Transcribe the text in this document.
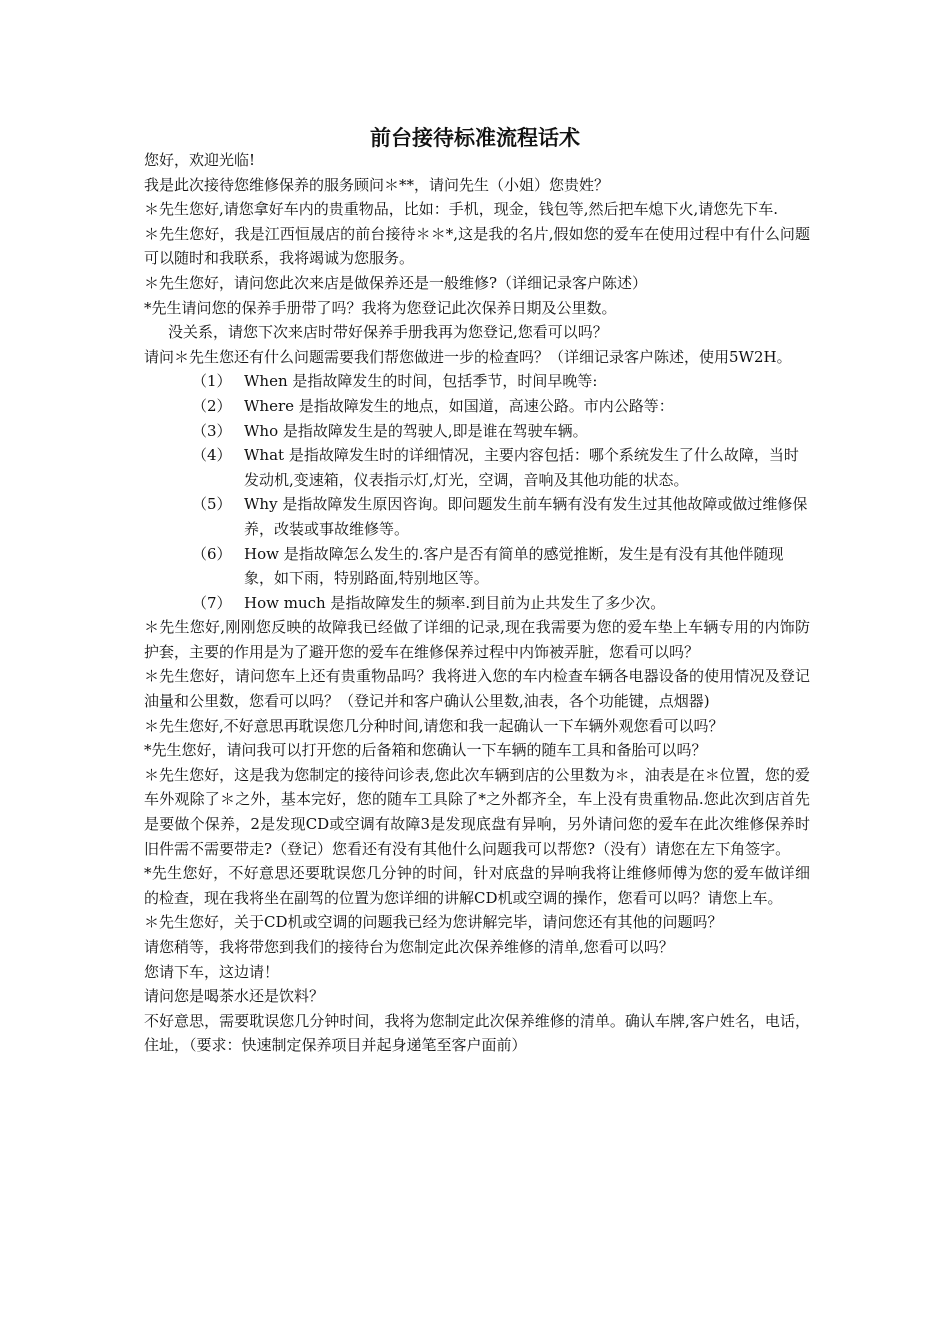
前台接待标准流程话术

您好，欢迎光临!

我是此次接待您维修保养的服务顾问＊**，请问先生（小姐）您贵姓？

＊先生您好,请您拿好车内的贵重物品，比如：手机，现金，钱包等,然后把车熄下火,请您先下车.

＊先生您好，我是江西恒晟店的前台接待＊＊*,这是我的名片,假如您的爱车在使用过程中有什么问题可以随时和我联系，我将竭诚为您服务。

＊先生您好，请问您此次来店是做保养还是一般维修?（详细记录客户陈述）

*先生请问您的保养手册带了吗？我将为您登记此次保养日期及公里数。

没关系，请您下次来店时带好保养手册我再为您登记,您看可以吗？

请问＊先生您还有什么问题需要我们帮您做进一步的检查吗？（详细记录客户陈述，使用5W2H。

（1） When 是指故障发生的时间，包括季节，时间早晚等:
（2） Where 是指故障发生的地点，如国道，高速公路。市内公路等：
（3） Who 是指故障发生是的驾驶人,即是谁在驾驶车辆。
（4） What 是指故障发生时的详细情况，主要内容包括：哪个系统发生了什么故障，当时发动机,变速箱，仪表指示灯,灯光，空调，音响及其他功能的状态。
（5） Why 是指故障发生原因咨询。即问题发生前车辆有没有发生过其他故障或做过维修保养，改装或事故维修等。
（6） How 是指故障怎么发生的.客户是否有简单的感觉推断，发生是有没有其他伴随现象，如下雨，特别路面,特别地区等。
（7） How much 是指故障发生的频率.到目前为止共发生了多少次。

＊先生您好,刚刚您反映的故障我已经做了详细的记录,现在我需要为您的爱车垫上车辆专用的内饰防护套，主要的作用是为了避开您的爱车在维修保养过程中内饰被弄脏，您看可以吗？

＊先生您好，请问您车上还有贵重物品吗？我将进入您的车内检查车辆各电器设备的使用情况及登记油量和公里数，您看可以吗？（登记并和客户确认公里数,油表，各个功能键，点烟器)

＊先生您好,不好意思再耽误您几分种时间,请您和我一起确认一下车辆外观您看可以吗？

*先生您好，请问我可以打开您的后备箱和您确认一下车辆的随车工具和备胎可以吗？

＊先生您好，这是我为您制定的接待问诊表,您此次车辆到店的公里数为＊，油表是在＊位置，您的爱车外观除了＊之外，基本完好，您的随车工具除了*之外都齐全，车上没有贵重物品.您此次到店首先是要做个保养，2是发现CD或空调有故障3是发现底盘有异响，另外请问您的爱车在此次维修保养时旧件需不需要带走?（登记）您看还有没有其他什么问题我可以帮您?（没有）请您在左下角签字。

*先生您好，不好意思还要耽误您几分钟的时间，针对底盘的异响我将让维修师傅为您的爱车做详细的检查，现在我将坐在副驾的位置为您详细的讲解CD机或空调的操作，您看可以吗？请您上车。

＊先生您好，关于CD机或空调的问题我已经为您讲解完毕，请问您还有其他的问题吗？

请您稍等，我将带您到我们的接待台为您制定此次保养维修的清单,您看可以吗？

您请下车，这边请！

请问您是喝茶水还是饮料？

不好意思，需要耽误您几分钟时间，我将为您制定此次保养维修的清单。确认车牌,客户姓名，电话，住址，（要求：快速制定保养项目并起身递笔至客户面前）
